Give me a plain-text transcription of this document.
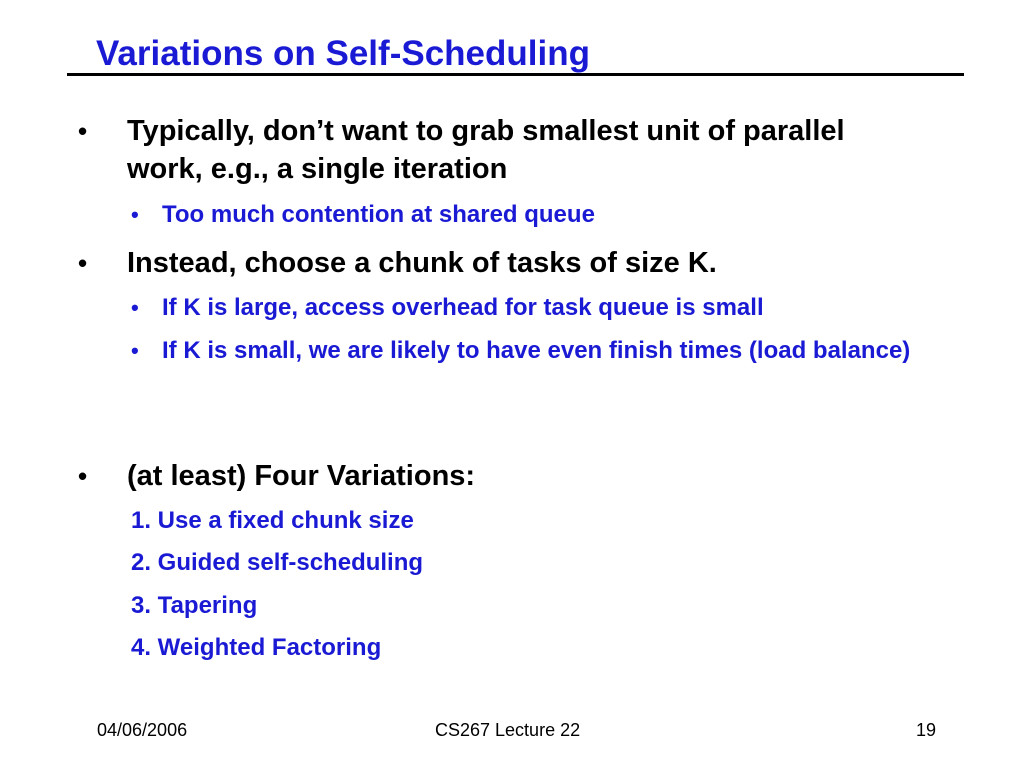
Variations on Self-Scheduling
• Typically, don’t want to grab smallest unit of parallel work, e.g., a single iteration
• Too much contention at shared queue
• Instead, choose a chunk of tasks of size K.
• If K is large, access overhead for task queue is small
• If K is small, we are likely to have even finish times (load balance)
• (at least) Four Variations:
1. Use a fixed chunk size
2. Guided self-scheduling
3. Tapering
4. Weighted Factoring
04/06/2006	CS267 Lecture 22	19
